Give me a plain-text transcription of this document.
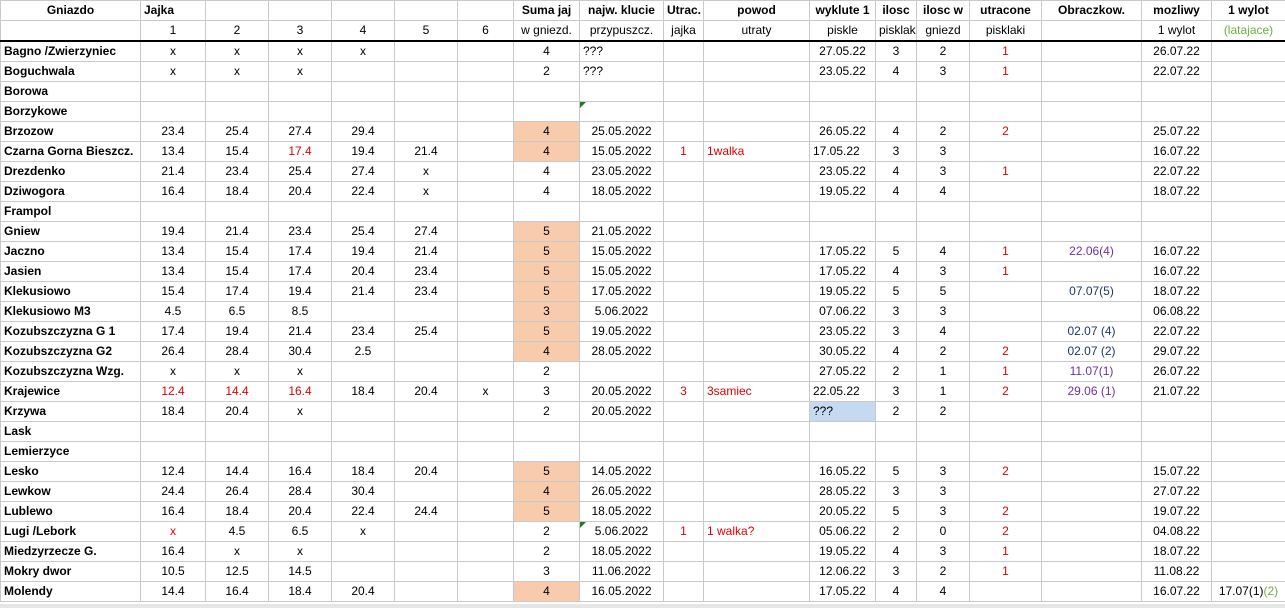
Gniazdo	Jajka						Suma jaj	najw. klucie	Utrac.	powod	wyklute 1	ilosc	ilosc w	utracone	Obraczkow.	mozliwy	1 wylot
	1	2	3	4	5	6	w gniezd.	przypuszcz.	jajka	utraty	piskle	pisklak	gniezd	pisklaki		1 wylot	(latajace)
Bagno /Zwierzyniec	x	x	x	x			4	???			27.05.22	3	2	1		26.07.22	
Boguchwala	x	x	x				2	???			23.05.22	4	3	1		22.07.22	
Borowa																	
Borzykowe																	
Brzozow	23.4	25.4	27.4	29.4			4	25.05.2022			26.05.22	4	2	2		25.07.22	
Czarna Gorna Bieszcz.	13.4	15.4	17.4	19.4	21.4		4	15.05.2022	1	1walka	17.05.22	3	3			16.07.22	
Drezdenko	21.4	23.4	25.4	27.4	x		4	23.05.2022			23.05.22	4	3	1		22.07.22	
Dziwogora	16.4	18.4	20.4	22.4	x		4	18.05.2022			19.05.22	4	4			18.07.22	
Frampol																	
Gniew	19.4	21.4	23.4	25.4	27.4		5	21.05.2022									
Jaczno	13.4	15.4	17.4	19.4	21.4		5	15.05.2022			17.05.22	5	4	1	22.06(4)	16.07.22	
Jasien	13.4	15.4	17.4	20.4	23.4		5	15.05.2022			17.05.22	4	3	1		16.07.22	
Klekusiowo	15.4	17.4	19.4	21.4	23.4		5	17.05.2022			19.05.22	5	5		07.07(5)	18.07.22	
Klekusiowo M3	4.5	6.5	8.5				3	5.06.2022			07.06.22	3	3			06.08.22	
Kozubszczyzna G 1	17.4	19.4	21.4	23.4	25.4		5	19.05.2022			23.05.22	3	4		02.07 (4)	22.07.22	
Kozubszczyzna G2	26.4	28.4	30.4	2.5			4	28.05.2022			30.05.22	4	2	2	02.07 (2)	29.07.22	
Kozubszczyzna Wzg.	x	x	x				2				27.05.22	2	1	1	11.07(1)	26.07.22	
Krajewice	12.4	14.4	16.4	18.4	20.4	x	3	20.05.2022	3	3samiec	22.05.22	3	1	2	29.06 (1)	21.07.22	
Krzywa	18.4	20.4	x				2	20.05.2022			???	2	2				
Lask																	
Lemierzyce																	
Lesko	12.4	14.4	16.4	18.4	20.4		5	14.05.2022			16.05.22	5	3	2		15.07.22	
Lewkow	24.4	26.4	28.4	30.4			4	26.05.2022			28.05.22	3	3			27.07.22	
Lublewo	16.4	18.4	20.4	22.4	24.4		5	18.05.2022			20.05.22	5	3	2		19.07.22	
Lugi /Lebork	x	4.5	6.5	x			2	5.06.2022	1	1 walka?	05.06.22	2	0	2		04.08.22	
Miedzyrzecze G.	16.4	x	x				2	18.05.2022			19.05.22	4	3	1		18.07.22	
Mokry dwor	10.5	12.5	14.5				3	11.06.2022			12.06.22	3	2	1		11.08.22	
Molendy	14.4	16.4	18.4	20.4			4	16.05.2022			17.05.22	4	4			16.07.22	17.07(1)(2)
